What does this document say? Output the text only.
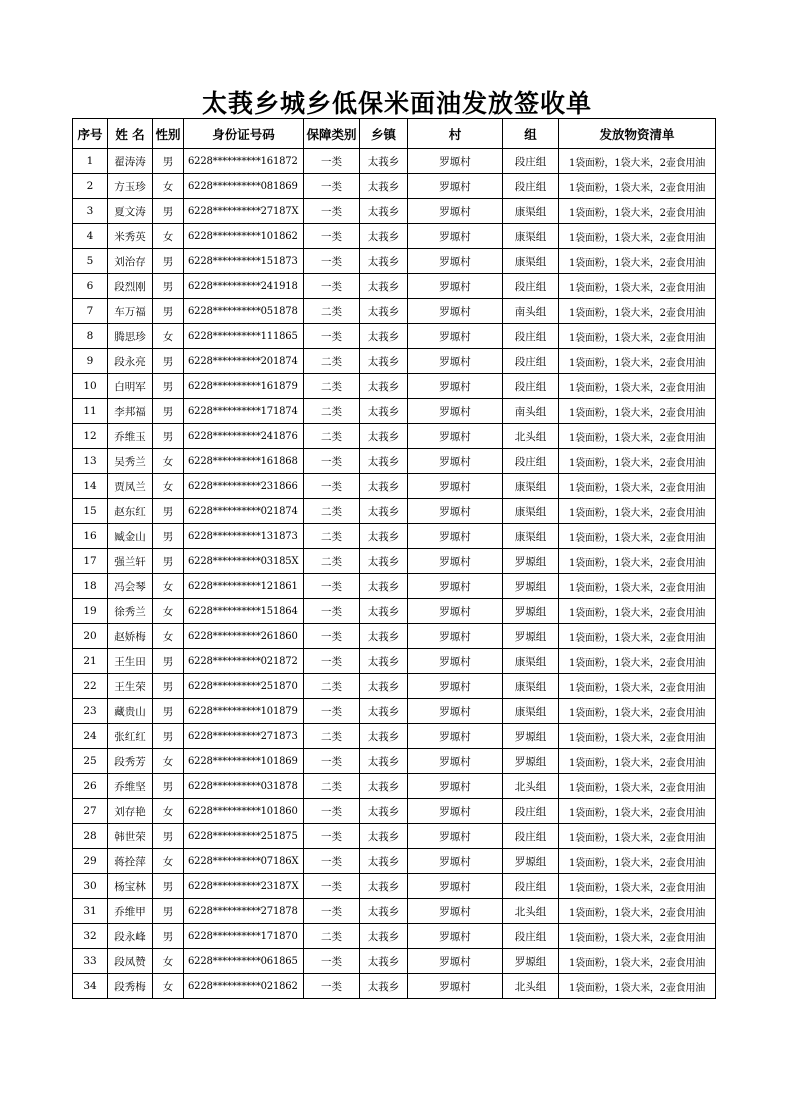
太莪乡城乡低保米面油发放签收单
序号	姓 名	性别	身份证号码	保障类别	乡镇	村	组	发放物资清单
1	翟涛涛	男	6228**********161872	一类	太莪乡	罗塬村	段庄组	1袋面粉，1袋大米，2壶食用油
2	方玉珍	女	6228**********081869	一类	太莪乡	罗塬村	段庄组	1袋面粉，1袋大米，2壶食用油
3	夏文涛	男	6228**********27187X	一类	太莪乡	罗塬村	康渠组	1袋面粉，1袋大米，2壶食用油
4	米秀英	女	6228**********101862	一类	太莪乡	罗塬村	康渠组	1袋面粉，1袋大米，2壶食用油
5	刘治存	男	6228**********151873	一类	太莪乡	罗塬村	康渠组	1袋面粉，1袋大米，2壶食用油
6	段烈刚	男	6228**********241918	一类	太莪乡	罗塬村	段庄组	1袋面粉，1袋大米，2壶食用油
7	车万福	男	6228**********051878	二类	太莪乡	罗塬村	南头组	1袋面粉，1袋大米，2壶食用油
8	腾思珍	女	6228**********111865	一类	太莪乡	罗塬村	段庄组	1袋面粉，1袋大米，2壶食用油
9	段永亮	男	6228**********201874	二类	太莪乡	罗塬村	段庄组	1袋面粉，1袋大米，2壶食用油
10	白明军	男	6228**********161879	二类	太莪乡	罗塬村	段庄组	1袋面粉，1袋大米，2壶食用油
11	李邦福	男	6228**********171874	二类	太莪乡	罗塬村	南头组	1袋面粉，1袋大米，2壶食用油
12	乔维玉	男	6228**********241876	二类	太莪乡	罗塬村	北头组	1袋面粉，1袋大米，2壶食用油
13	吴秀兰	女	6228**********161868	一类	太莪乡	罗塬村	段庄组	1袋面粉，1袋大米，2壶食用油
14	贾凤兰	女	6228**********231866	一类	太莪乡	罗塬村	康渠组	1袋面粉，1袋大米，2壶食用油
15	赵东红	男	6228**********021874	二类	太莪乡	罗塬村	康渠组	1袋面粉，1袋大米，2壶食用油
16	臧金山	男	6228**********131873	二类	太莪乡	罗塬村	康渠组	1袋面粉，1袋大米，2壶食用油
17	强兰轩	男	6228**********03185X	二类	太莪乡	罗塬村	罗塬组	1袋面粉，1袋大米，2壶食用油
18	冯会琴	女	6228**********121861	一类	太莪乡	罗塬村	罗塬组	1袋面粉，1袋大米，2壶食用油
19	徐秀兰	女	6228**********151864	一类	太莪乡	罗塬村	罗塬组	1袋面粉，1袋大米，2壶食用油
20	赵娇梅	女	6228**********261860	一类	太莪乡	罗塬村	罗塬组	1袋面粉，1袋大米，2壶食用油
21	王生田	男	6228**********021872	一类	太莪乡	罗塬村	康渠组	1袋面粉，1袋大米，2壶食用油
22	王生荣	男	6228**********251870	二类	太莪乡	罗塬村	康渠组	1袋面粉，1袋大米，2壶食用油
23	藏贵山	男	6228**********101879	一类	太莪乡	罗塬村	康渠组	1袋面粉，1袋大米，2壶食用油
24	张红红	男	6228**********271873	二类	太莪乡	罗塬村	罗塬组	1袋面粉，1袋大米，2壶食用油
25	段秀芳	女	6228**********101869	一类	太莪乡	罗塬村	罗塬组	1袋面粉，1袋大米，2壶食用油
26	乔维坚	男	6228**********031878	二类	太莪乡	罗塬村	北头组	1袋面粉，1袋大米，2壶食用油
27	刘存艳	女	6228**********101860	一类	太莪乡	罗塬村	段庄组	1袋面粉，1袋大米，2壶食用油
28	韩世荣	男	6228**********251875	一类	太莪乡	罗塬村	段庄组	1袋面粉，1袋大米，2壶食用油
29	蒋拴萍	女	6228**********07186X	一类	太莪乡	罗塬村	罗塬组	1袋面粉，1袋大米，2壶食用油
30	杨宝林	男	6228**********23187X	一类	太莪乡	罗塬村	段庄组	1袋面粉，1袋大米，2壶食用油
31	乔维甲	男	6228**********271878	一类	太莪乡	罗塬村	北头组	1袋面粉，1袋大米，2壶食用油
32	段永峰	男	6228**********171870	二类	太莪乡	罗塬村	段庄组	1袋面粉，1袋大米，2壶食用油
33	段凤赞	女	6228**********061865	一类	太莪乡	罗塬村	罗塬组	1袋面粉，1袋大米，2壶食用油
34	段秀梅	女	6228**********021862	一类	太莪乡	罗塬村	北头组	1袋面粉，1袋大米，2壶食用油
